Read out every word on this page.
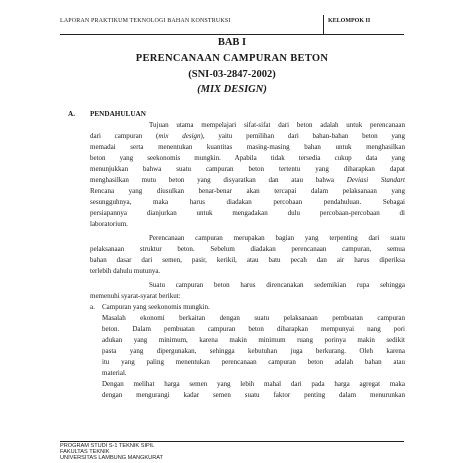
LAPORAN PRAKTIKUM TEKNOLOGI BAHAN KONSTRUKSI	KELOMPOK II
BAB I
PERENCANAAN CAMPURAN BETON
(SNI-03-2847-2002)
(MIX DESIGN)
A. PENDAHULUAN
Tujuan utama mempelajari sifat-sifat dari beton adalah untuk perencanaan
dari campuran (mix design), yaitu pemilihan dari bahan-bahan beton yang
memadai serta menentukan kuantitas masing-masing bahan untuk menghasilkan
beton yang seekonomis mungkin. Apabila tidak tersedia cukup data yang
menunjukkan bahwa suatu campuran beton tertentu yang diharapkan dapat
menghasilkan mutu beton yang disyaratkan dan atau bahwa Deviasi Standart
Rencana yang diusulkan benar-benar akan tercapai dalam pelaksanaan yang
sesungguhnya, maka harus diadakan percobaan pendahuluan. Sebagai
persiapannya dianjurkan untuk mengadakan dulu percobaan-percobaan di
laboratorium.
Perencanaan campuran merupakan bagian yang terpenting dari suatu
pelaksanaan struktur beton. Sebelum diadakan perencanaan campuran, semua
bahan dasar dari semen, pasir, kerikil, atau batu pecah dan air harus diperiksa
terlebih dahulu mutunya.
Suatu campuran beton harus direncanakan sedemikian rupa sehingga
memenuhi syarat-syarat berikut:
a. Campuran yang seekonomis mungkin.
Masalah ekonomi berkaitan dengan suatu pelaksanaan pembuatan campuran
beton. Dalam pembuatan campuran beton diharapkan mempunyai nang pori
adukan yang minimum, karena makin minimum ruang porinya makin sedikit
pasta yang dipergunakan, sehingga kebutuhan juga berkurang. Oleh karena
itu yang paling menentukan perencanaan campuran beton adalah bahan atau
material.
Dengan melihat harga semen yang lebih mahal dari pada harga agregat maka
dengan mengurangi kadar semen suatu faktor penting dalam menurunkan
PROGRAM STUDI S-1 TEKNIK SIPIL
FAKULTAS TEKNIK
UNIVERSITAS LAMBUNG MANGKURAT
